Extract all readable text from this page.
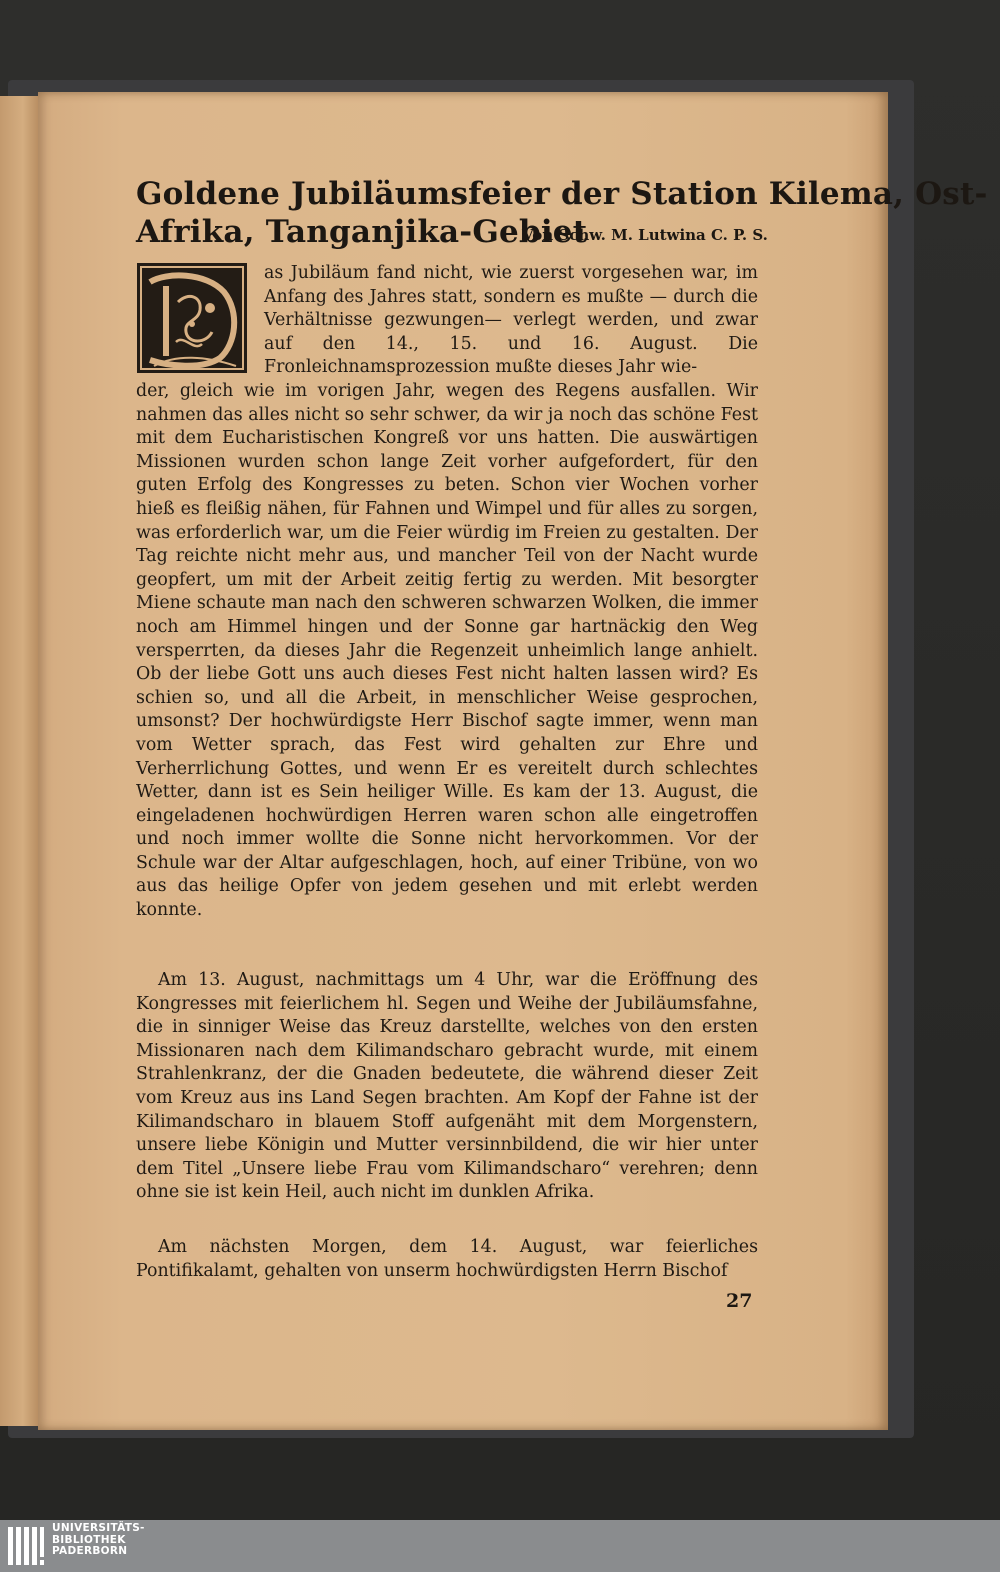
Goldene Jubiläumsfeier der Station Kilema, Ost-
Afrika, Tanganjika-Gebiet
Von Schw. M. Lutwina C. P. S.

as Jubiläum fand nicht, wie zuerst vorgesehen war, im Anfang des Jahres statt, sondern es mußte — durch die Verhältnisse gezwungen— verlegt werden, und zwar auf den 14., 15. und 16. August. Die Fronleichnamsprozession mußte dieses Jahr wie-

der, gleich wie im vorigen Jahr, wegen des Regens ausfallen. Wir nahmen das alles nicht so sehr schwer, da wir ja noch das schöne Fest mit dem Eucharistischen Kongreß vor uns hatten. Die auswärtigen Missionen wurden schon lange Zeit vorher aufgefordert, für den guten Erfolg des Kongresses zu beten. Schon vier Wochen vorher hieß es fleißig nähen, für Fahnen und Wimpel und für alles zu sorgen, was erforderlich war, um die Feier würdig im Freien zu gestalten. Der Tag reichte nicht mehr aus, und mancher Teil von der Nacht wurde geopfert, um mit der Arbeit zeitig fertig zu werden. Mit besorgter Miene schaute man nach den schweren schwarzen Wolken, die immer noch am Himmel hingen und der Sonne gar hartnäckig den Weg versperrten, da dieses Jahr die Regenzeit unheimlich lange anhielt. Ob der liebe Gott uns auch dieses Fest nicht halten lassen wird? Es schien so, und all die Arbeit, in menschlicher Weise gesprochen, umsonst? Der hochwürdigste Herr Bischof sagte immer, wenn man vom Wetter sprach, das Fest wird gehalten zur Ehre und Verherrlichung Gottes, und wenn Er es vereitelt durch schlechtes Wetter, dann ist es Sein heiliger Wille. Es kam der 13. August, die eingeladenen hochwürdigen Herren waren schon alle eingetroffen und noch immer wollte die Sonne nicht hervorkommen. Vor der Schule war der Altar aufgeschlagen, hoch, auf einer Tribüne, von wo aus das heilige Opfer von jedem gesehen und mit erlebt werden konnte.

Am 13. August, nachmittags um 4 Uhr, war die Eröffnung des Kongresses mit feierlichem hl. Segen und Weihe der Jubiläumsfahne, die in sinniger Weise das Kreuz darstellte, welches von den ersten Missionaren nach dem Kilimandscharo gebracht wurde, mit einem Strahlenkranz, der die Gnaden bedeutete, die während dieser Zeit vom Kreuz aus ins Land Segen brachten. Am Kopf der Fahne ist der Kilimandscharo in blauem Stoff aufgenäht mit dem Morgenstern, unsere liebe Königin und Mutter versinnbildend, die wir hier unter dem Titel „Unsere liebe Frau vom Kilimandscharo“ verehren; denn ohne sie ist kein Heil, auch nicht im dunklen Afrika.

Am nächsten Morgen, dem 14. August, war feierliches Pontifikalamt, gehalten von unserm hochwürdigsten Herrn Bischof

27
UNIVERSITÄTS-
BIBLIOTHEK
PADERBORN
